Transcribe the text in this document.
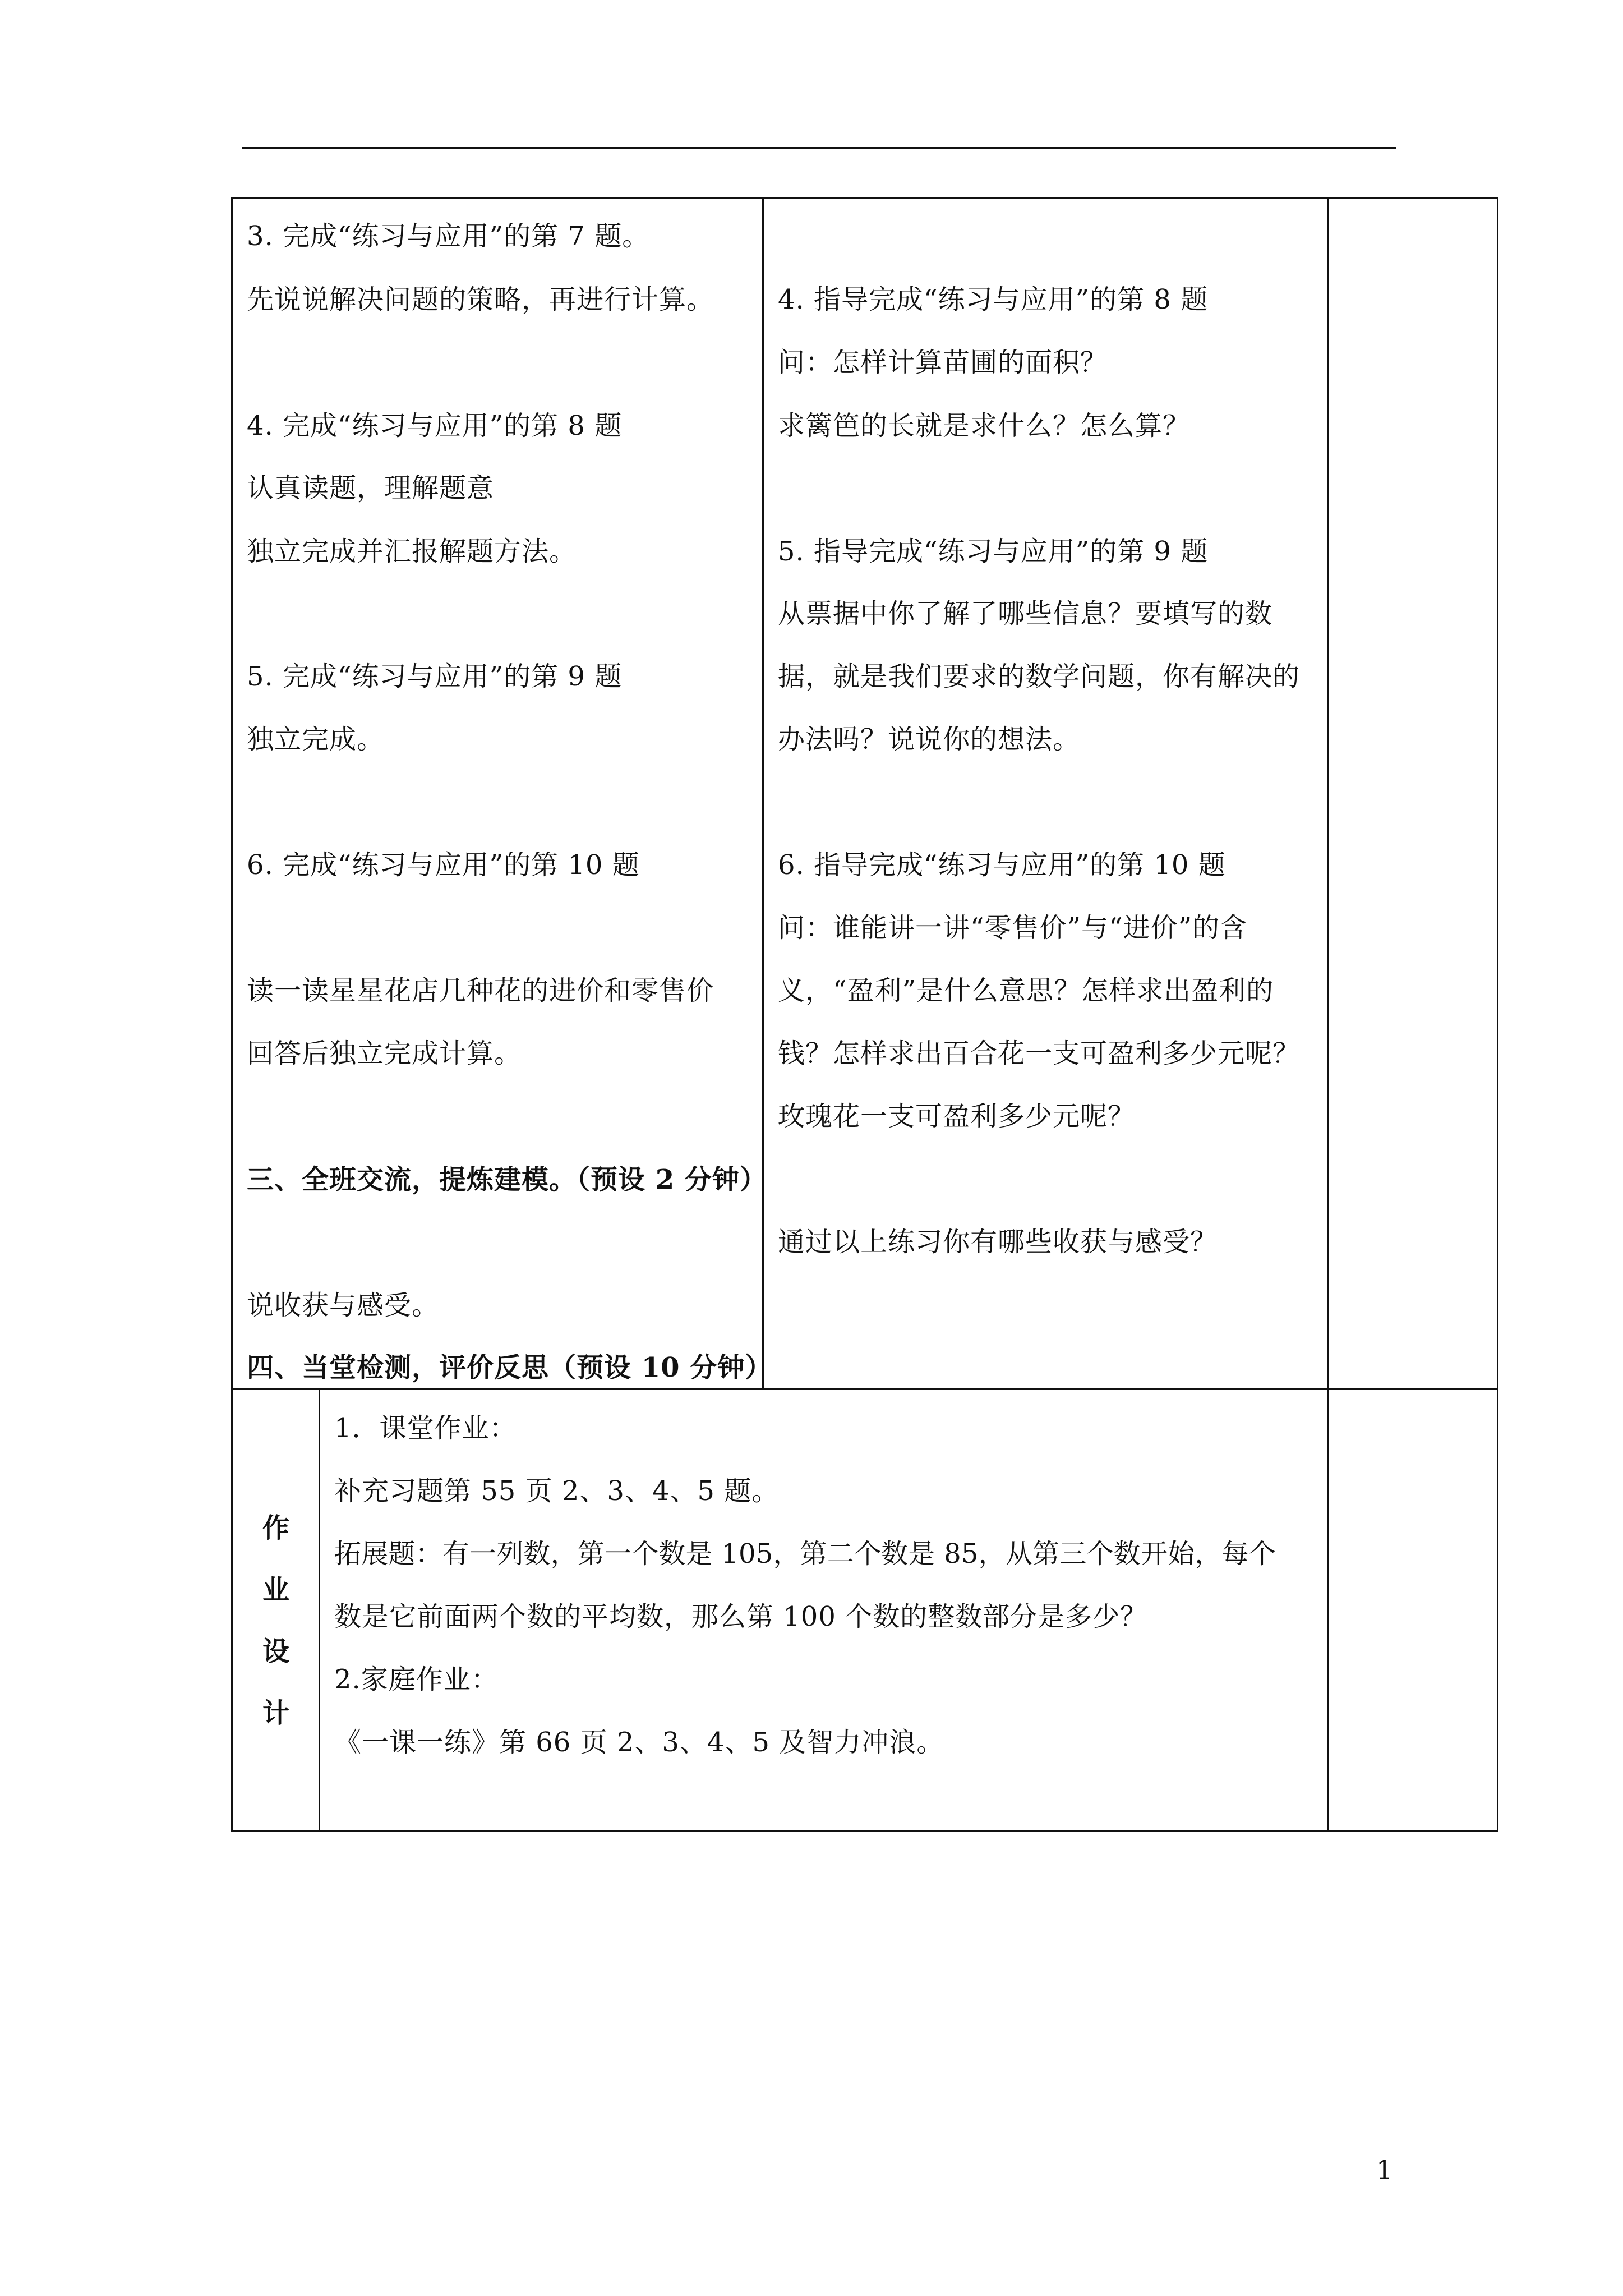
3. 完成“练习与应用”的第 7 题。
先说说解决问题的策略，再进行计算。
4. 完成“练习与应用”的第 8 题
认真读题，理解题意
独立完成并汇报解题方法。
5. 完成“练习与应用”的第 9 题
独立完成。
6. 完成“练习与应用”的第 10 题
读一读星星花店几种花的进价和零售价
回答后独立完成计算。
三、全班交流，提炼建模。（预设 2 分钟）
说收获与感受。
四、当堂检测，评价反思（预设 10 分钟）
4. 指导完成“练习与应用”的第 8 题
问：怎样计算苗圃的面积？
求篱笆的长就是求什么？怎么算？
5. 指导完成“练习与应用”的第 9 题
从票据中你了解了哪些信息？要填写的数
据，就是我们要求的数学问题，你有解决的
办法吗？说说你的想法。
6. 指导完成“练习与应用”的第 10 题
问：谁能讲一讲“零售价”与“进价”的含
义，“盈利”是什么意思？怎样求出盈利的
钱？怎样求出百合花一支可盈利多少元呢？
玫瑰花一支可盈利多少元呢？
通过以上练习你有哪些收获与感受？
作
业
设
计
1．课堂作业：
补充习题第 55 页 2、3、4、5 题。
拓展题：有一列数，第一个数是 105，第二个数是 85，从第三个数开始，每个
数是它前面两个数的平均数，那么第 100 个数的整数部分是多少？
2.家庭作业：
《一课一练》第 66 页 2、3、4、5 及智力冲浪。
1
